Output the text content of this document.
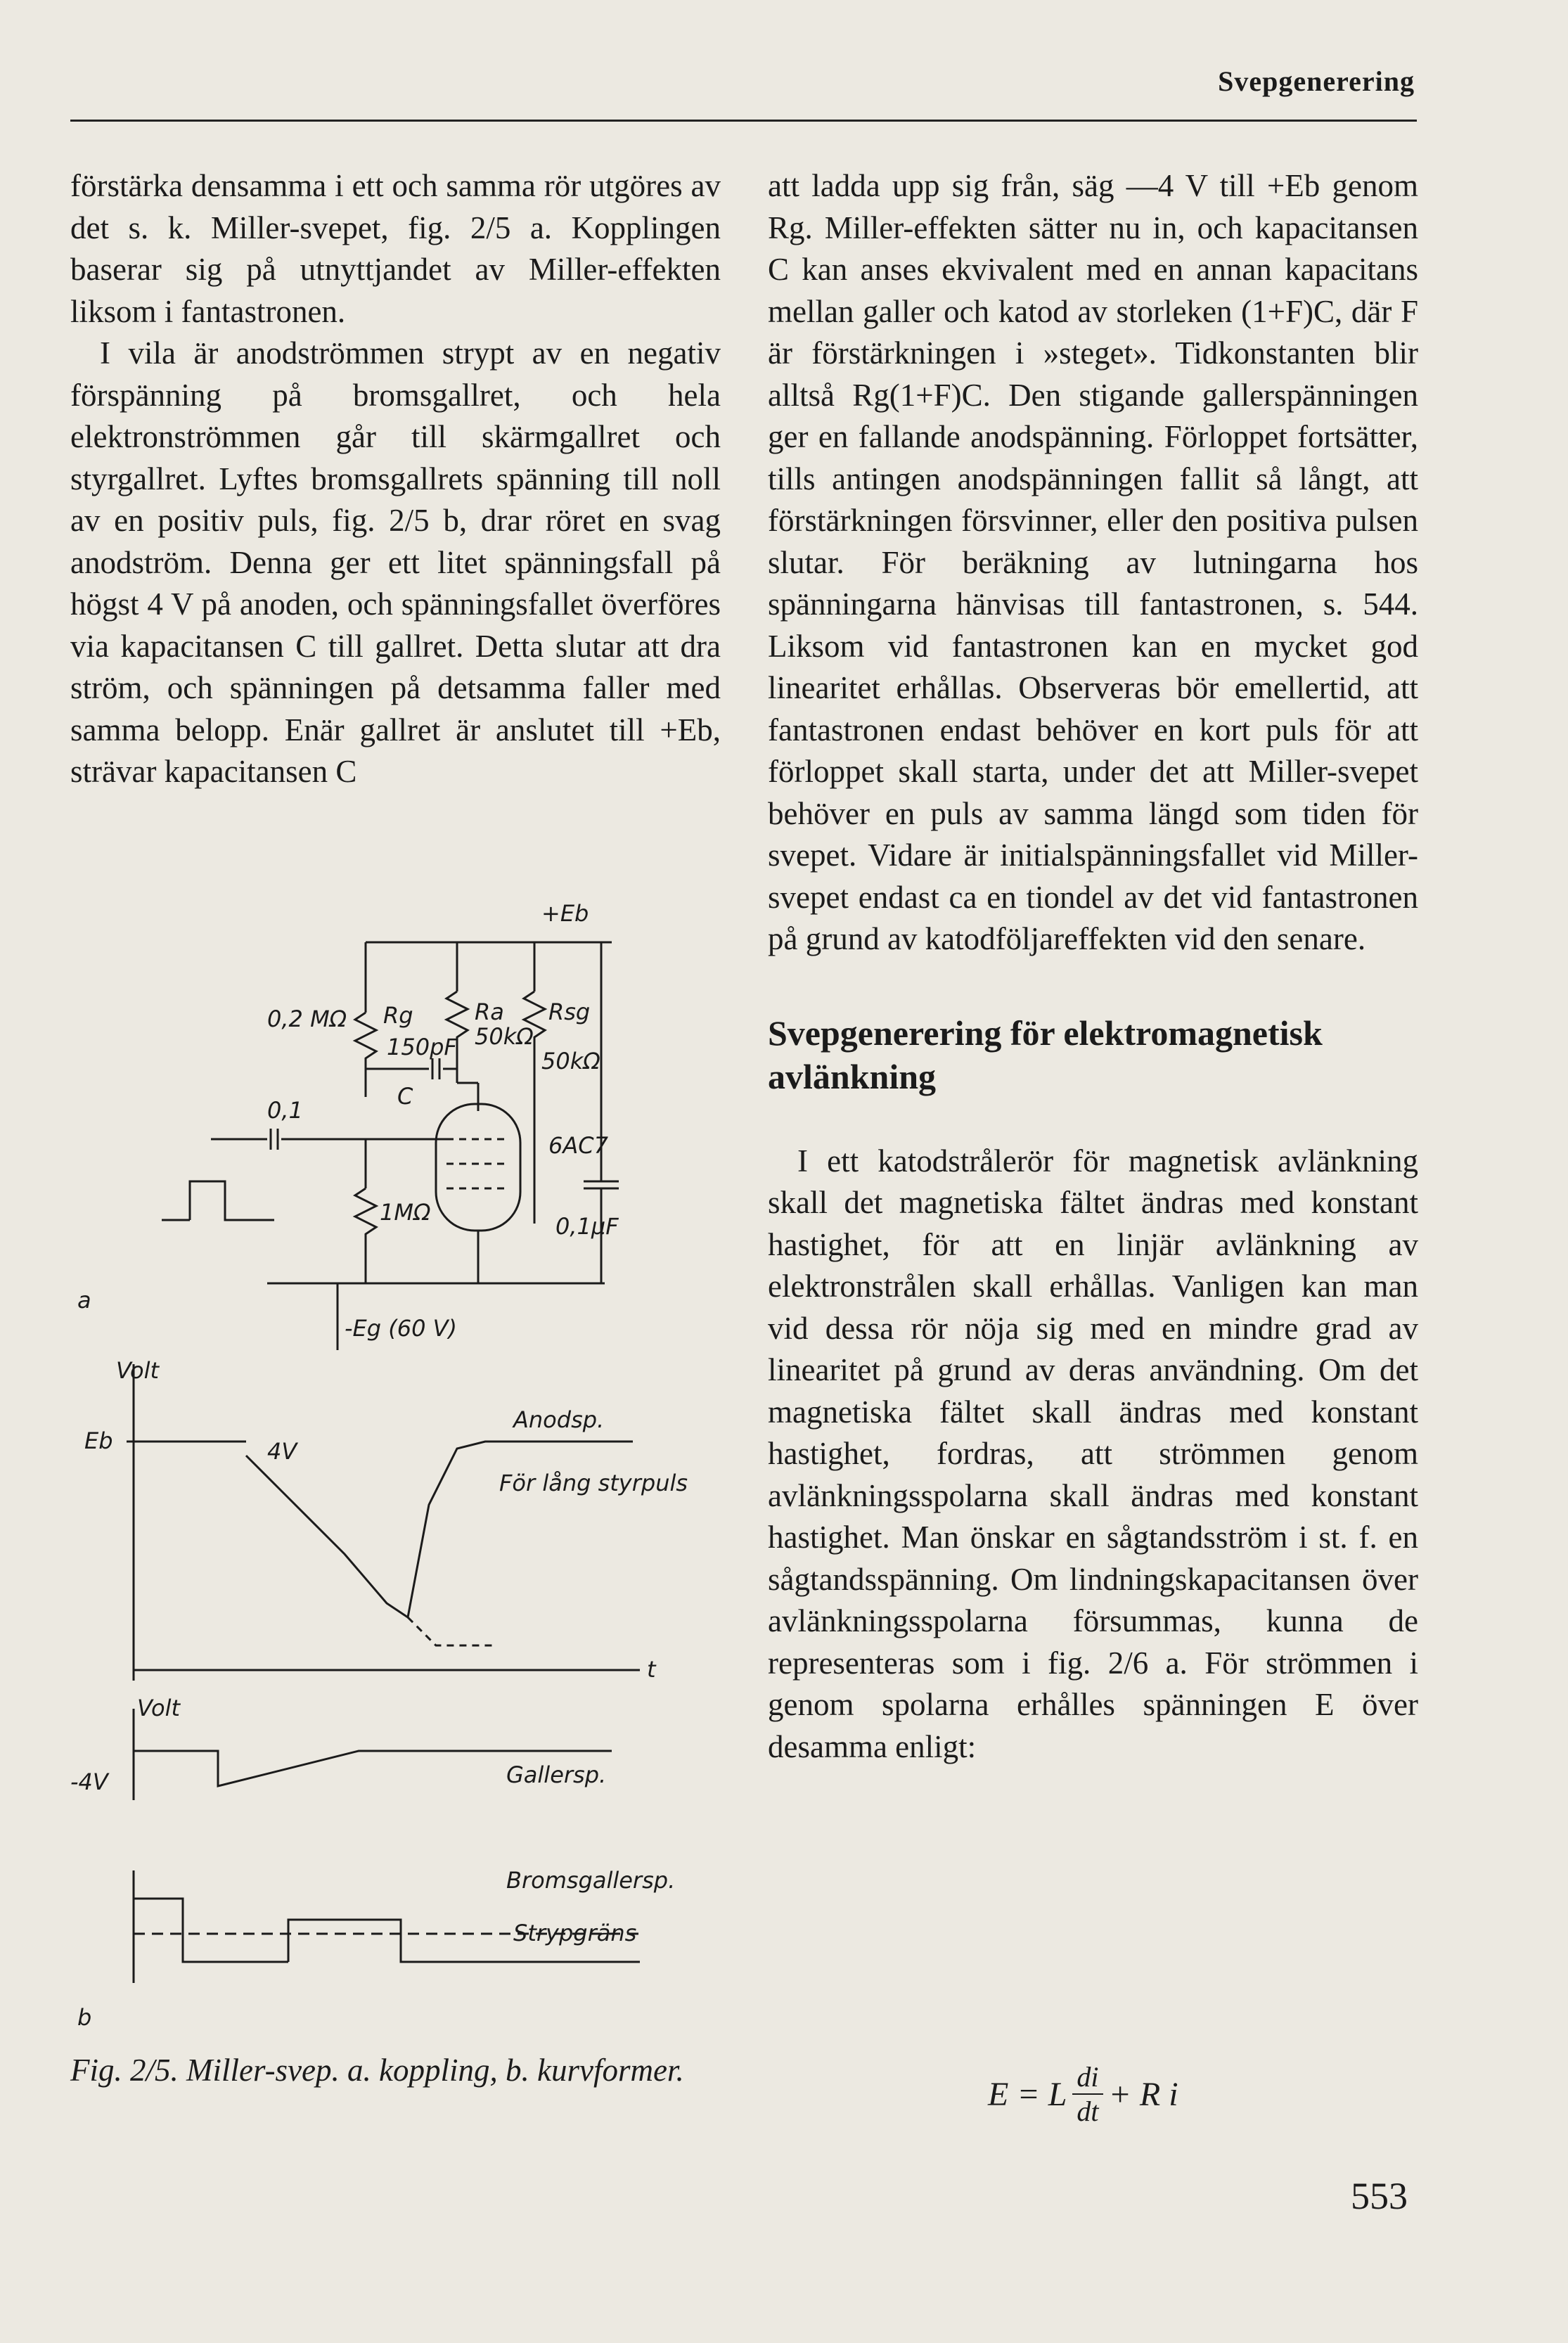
Svepgenerering

förstärka densamma i ett och samma rör utgöres av det s. k. Miller-svepet, fig. 2/5 a. Kopplingen baserar sig på utnyttjandet av Miller-effekten liksom i fantastronen.

I vila är anodströmmen strypt av en negativ förspänning på bromsgallret, och hela elektronströmmen går till skärmgallret och styrgallret. Lyftes bromsgallrets spänning till noll av en positiv puls, fig. 2/5 b, drar röret en svag anodström. Denna ger ett litet spänningsfall på högst 4 V på anoden, och spänningsfallet överföres via kapacitansen C till gallret. Detta slutar att dra ström, och spänningen på detsamma faller med samma belopp. Enär gallret är anslutet till +Eb, strävar kapacitansen C

att ladda upp sig från, säg —4 V till +Eb genom Rg. Miller-effekten sätter nu in, och kapacitansen C kan anses ekvivalent med en annan kapacitans mellan galler och katod av storleken (1+F)C, där F är förstärkningen i »steget». Tidkonstanten blir alltså Rg(1+F)C. Den stigande gallerspänningen ger en fallande anodspänning. Förloppet fortsätter, tills antingen anodspänningen fallit så långt, att förstärkningen försvinner, eller den positiva pulsen slutar. För beräkning av lutningarna hos spänningarna hänvisas till fantastronen, s. 544. Liksom vid fantastronen kan en mycket god linearitet erhållas. Observeras bör emellertid, att fantastronen endast behöver en kort puls för att förloppet skall starta, under det att Miller-svepet behöver en puls av samma längd som tiden för svepet. Vidare är initialspänningsfallet vid Miller-svepet endast ca en tiondel av det vid fantastronen på grund av katodföljareffekten vid den senare.

Svepgenerering för elektromagnetisk avlänkning

I ett katodstrålerör för magnetisk avlänkning skall det magnetiska fältet ändras med konstant hastighet, för att en linjär avlänkning av elektronstrålen skall erhållas. Vanligen kan man vid dessa rör nöja sig med en mindre grad av linearitet på grund av deras användning. Om det magnetiska fältet skall ändras med konstant hastighet, fordras, att strömmen genom avlänkningsspolarna skall ändras med konstant hastighet. Man önskar en sågtandsström i st. f. en sågtandsspänning. Om lindningskapacitansen över avlänkningsspolarna försummas, kunna de representeras som i fig. 2/6 a. För strömmen i genom spolarna erhålles spänningen E över desamma enligt:

+Eb
0,2 MΩ Rg
150pF
Ra
50kΩ
Rsg
50kΩ
0,1
C
6AC7
1MΩ
0,1µF
-Eg (60 V)
a
Volt
Eb	4V
Anodsp.
För lång styrpuls
t
Volt
Gallersp.
-4V
Bromsgallersp.
Strypgräns
b
Fig. 2/5. Miller-svep. a. koppling, b. kurvformer.
E = L $\frac{di}{dt} + R$ i
553
